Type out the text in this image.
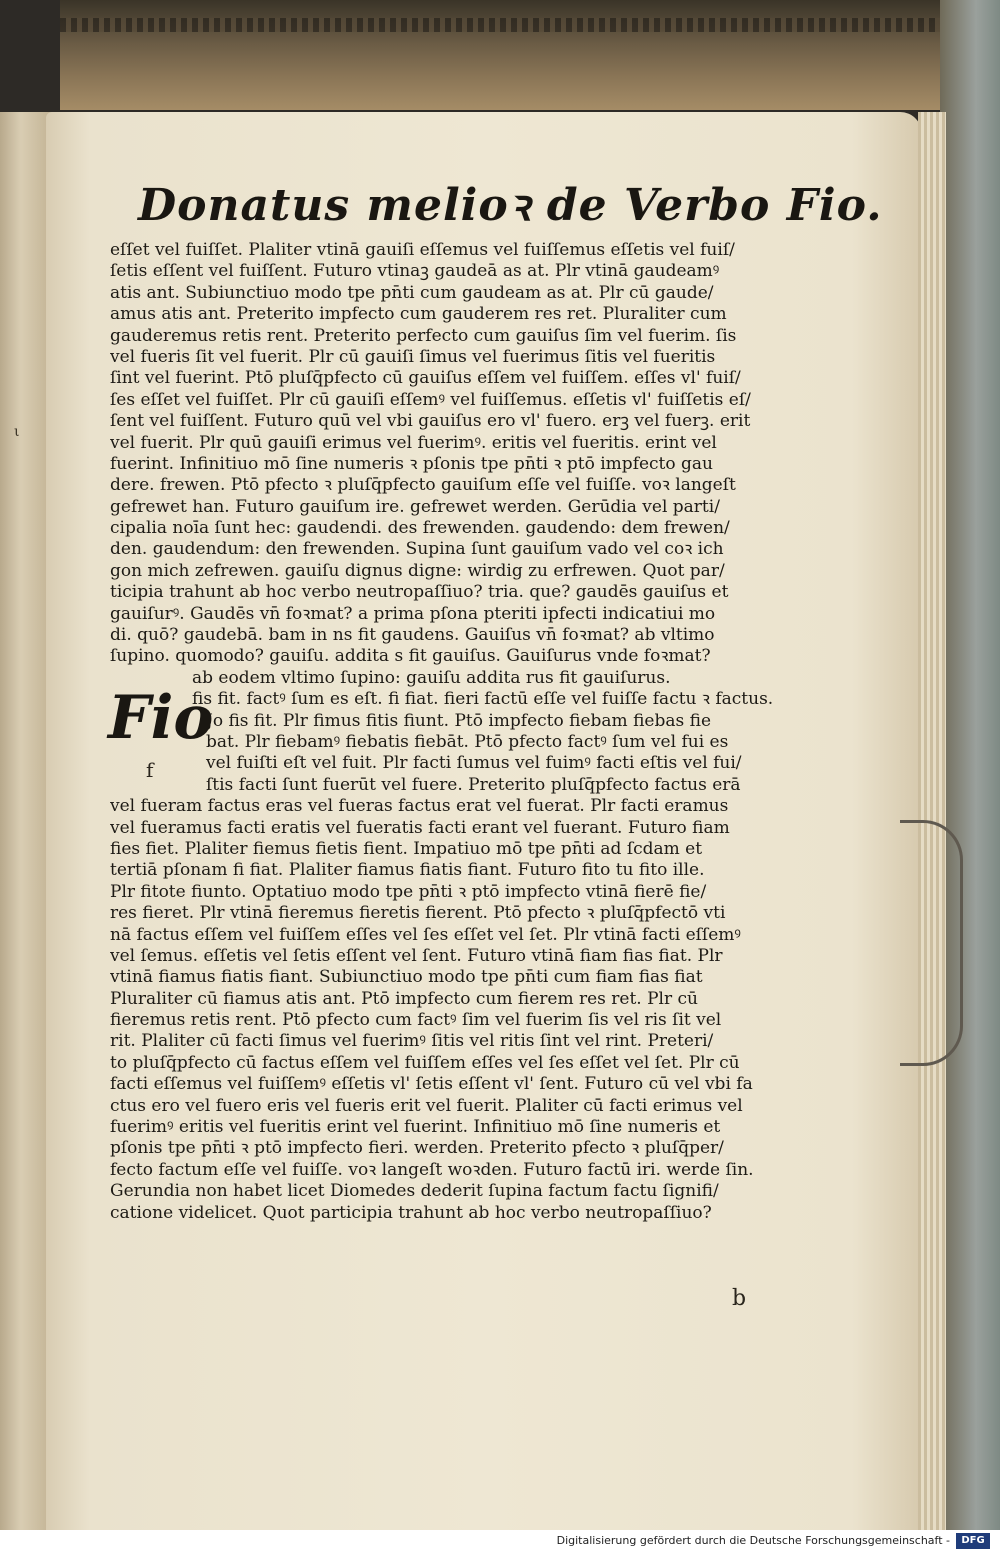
ι
Donatus melioꝛ de Verbo Fio.
eſſet vel fuiſſet. Plaliter vtinā gauiſi eſſemus vel fuiſſemus eſſetis vel fuiſ/
ſetis eſſent vel fuiſſent. Futuro vtinaꝫ gaudeā as at. Plr vtinā gaudeamꝰ
atis ant. Subiunctiuo modo tpe pn̄ti cum gaudeam as at. Plr cū gaude/
amus atis ant. Preterito impfecto cum gauderem res ret. Pluraliter cum
gauderemus retis rent. Preterito perfecto cum gauiſus ſim vel fuerim. ſis
vel fueris ſit vel fuerit. Plr cū gauiſi ſimus vel fuerimus ſitis vel fueritis
ſint vel fuerint. Ptō pluſq̄pfecto cū gauiſus eſſem vel fuiſſem. eſſes vl' fuiſ/
ſes eſſet vel fuiſſet. Plr cū gauiſi eſſemꝰ vel fuiſſemus. eſſetis vl' fuiſſetis eſ/
ſent vel fuiſſent. Futuro quū vel vbi gauiſus ero vl' fuero. erꝫ vel fuerꝫ. erit
vel fuerit. Plr quū gauiſi erimus vel fuerimꝰ. eritis vel fueritis. erint vel
fuerint. Infinitiuo mō ſine numeris ꝛ pſonis tpe pn̄ti ꝛ ptō impfecto gau
dere. frewen. Ptō pfecto ꝛ pluſq̄pfecto gauiſum eſſe vel fuiſſe. voꝛ langeſt
gefrewet han. Futuro gauiſum ire. gefrewet werden. Gerūdia vel parti/
cipalia noīa ſunt hec: gaudendi. des frewenden. gaudendo: dem frewen/
den. gaudendum: den frewenden. Supina ſunt gauiſum vado vel coꝛ ich
gon mich zefrewen. gauiſu dignus digne: wirdig zu erfrewen. Quot par/
ticipia trahunt ab hoc verbo neutropaſſiuo? tria. que? gaudēs gauiſus et
gauiſurꝰ. Gaudēs vn̄ foꝛmat? a prima pſona pteriti ipfecti indicatiui mo
di. quō? gaudebā. bam in ns fit gaudens. Gauiſus vn̄ foꝛmat? ab vltimo
ſupino. quomodo? gauiſu. addita s fit gauiſus. Gauiſurus vnde foꝛmat?
ab eodem vltimo ſupino: gauiſu addita rus fit gauiſurus.
fis fit. factꝰ ſum es eſt. fi fiat. fieri factū eſſe vel fuiſſe factu ꝛ factus.
Jo fis fit. Plr fimus fitis fiunt. Ptō impfecto fiebam fiebas fie
bat. Plr fiebamꝰ fiebatis fiebāt. Ptō pfecto factꝰ ſum vel fui es
vel fuiſti eſt vel fuit. Plr facti ſumus vel fuimꝰ facti eſtis vel fui/
ſtis facti ſunt fuerūt vel fuere. Preterito pluſq̄pfecto factus erā
vel fueram factus eras vel fueras factus erat vel fuerat. Plr facti eramus
vel fueramus facti eratis vel fueratis facti erant vel fuerant. Futuro fiam
fies fiet. Plaliter fiemus fietis fient. Impatiuo mō tpe pn̄ti ad ſcd̄am et
tertiā pſonam fi fiat. Plaliter fiamus fiatis fiant. Futuro fito tu fito ille.
Plr fitote fiunto. Optatiuo modo tpe pn̄ti ꝛ ptō impfecto vtinā fierē fie/
res fieret. Plr vtinā fieremus fieretis fierent. Ptō pfecto ꝛ pluſq̄pfectō vti
nā factus eſſem vel fuiſſem eſſes vel ſes eſſet vel ſet. Plr vtinā facti eſſemꝰ
vel ſemus. eſſetis vel ſetis eſſent vel ſent. Futuro vtinā fiam fias fiat. Plr
vtinā fiamus fiatis fiant. Subiunctiuo modo tpe pn̄ti cum fiam fias fiat
Pluraliter cū fiamus atis ant. Ptō impfecto cum fierem res ret. Plr cū
fieremus retis rent. Ptō pfecto cum factꝰ ſim vel fuerim ſis vel ris ſit vel
rit. Plaliter cū facti ſimus vel fuerimꝰ ſitis vel ritis ſint vel rint. Preteri/
to pluſq̄pfecto cū factus eſſem vel fuiſſem eſſes vel ſes eſſet vel ſet. Plr cū
facti eſſemus vel fuiſſemꝰ eſſetis vl' ſetis eſſent vl' ſent. Futuro cū vel vbi fa
ctus ero vel fuero eris vel fueris erit vel fuerit. Plaliter cū facti erimus vel
fuerimꝰ eritis vel fueritis erint vel fuerint. Infinitiuo mō ſine numeris et
pſonis tpe pn̄ti ꝛ ptō impfecto fieri. werden. Preterito pfecto ꝛ pluſq̄per/
fecto factum eſſe vel fuiſſe. voꝛ langeſt woꝛden. Futuro factū iri. werde ſin.
Gerundia non habet licet Diomedes dederit ſupina factum factu ſignifi/
catione videlicet. Quot participia trahunt ab hoc verbo neutropaſſiuo?
Fio
f
b
Digitalisierung gefördert durch die Deutsche Forschungsgemeinschaft -	DFG
